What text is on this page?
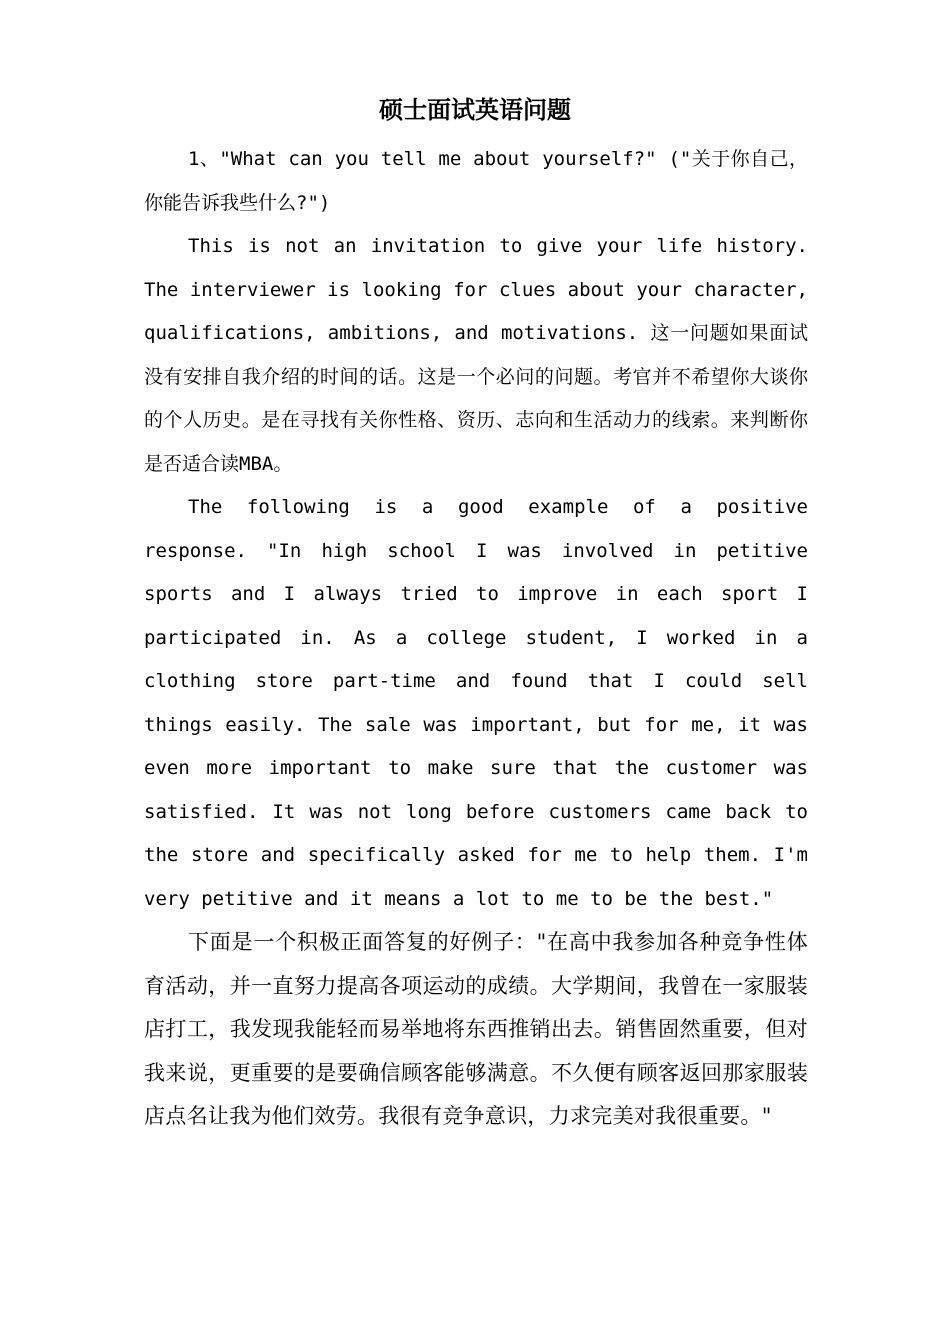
硕士面试英语问题

1、"What can you tell me about yourself?" ("关于你自己，你能告诉我些什么?")

This is not an invitation to give your life history. The interviewer is looking for clues about your character, qualifications, ambitions, and motivations. 这一问题如果面试没有安排自我介绍的时间的话。这是一个必问的问题。考官并不希望你大谈你的个人历史。是在寻找有关你性格、资历、志向和生活动力的线索。来判断你是否适合读MBA。

The following is a good example of a positive response. "In high school I was involved in petitive sports and I always tried to improve in each sport I participated in. As a college student, I worked in a clothing store part-time and found that I could sell things easily. The sale was important, but for me, it was even more important to make sure that the customer was satisfied. It was not long before customers came back to the store and specifically asked for me to help them. I'm very petitive and it means a lot to me to be the best."

下面是一个积极正面答复的好例子："在高中我参加各种竞争性体育活动，并一直努力提高各项运动的成绩。大学期间，我曾在一家服装店打工，我发现我能轻而易举地将东西推销出去。销售固然重要，但对我来说，更重要的是要确信顾客能够满意。不久便有顾客返回那家服装店点名让我为他们效劳。我很有竞争意识，力求完美对我很重要。"
